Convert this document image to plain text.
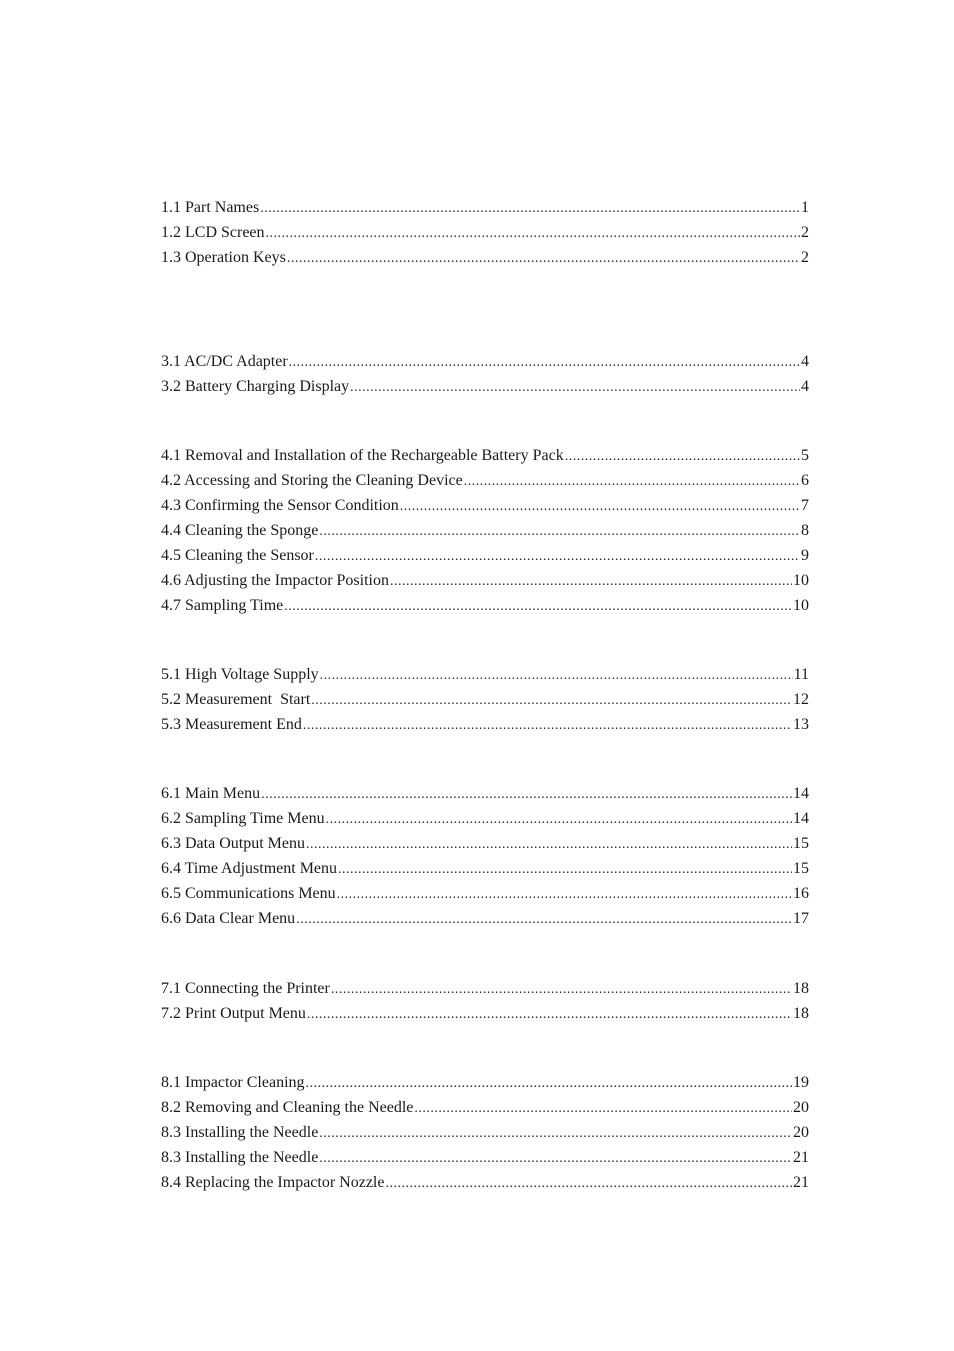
1.1 Part Names .....	1
1.2 LCD Screen .....	2
1.3 Operation Keys .....	2
3.1 AC/DC Adapter .....	4
3.2 Battery Charging Display .....	4
4.1 Removal and Installation of the Rechargeable Battery Pack .....	5
4.2 Accessing and Storing the Cleaning Device .....	6
4.3 Confirming the Sensor Condition .....	7
4.4 Cleaning the Sponge .....	8
4.5 Cleaning the Sensor .....	9
4.6 Adjusting the Impactor Position .....	10
4.7 Sampling Time .....	10
5.1 High Voltage Supply .....	11
5.2 Measurement  Start .....	12
5.3 Measurement End .....	13
6.1 Main Menu .....	14
6.2 Sampling Time Menu .....	14
6.3 Data Output Menu .....	15
6.4 Time Adjustment Menu .....	15
6.5 Communications Menu .....	16
6.6 Data Clear Menu .....	17
7.1 Connecting the Printer .....	18
7.2 Print Output Menu .....	18
8.1 Impactor Cleaning .....	19
8.2 Removing and Cleaning the Needle .....	20
8.3 Installing the Needle .....	20
8.3 Installing the Needle .....	21
8.4 Replacing the Impactor Nozzle .....	21
